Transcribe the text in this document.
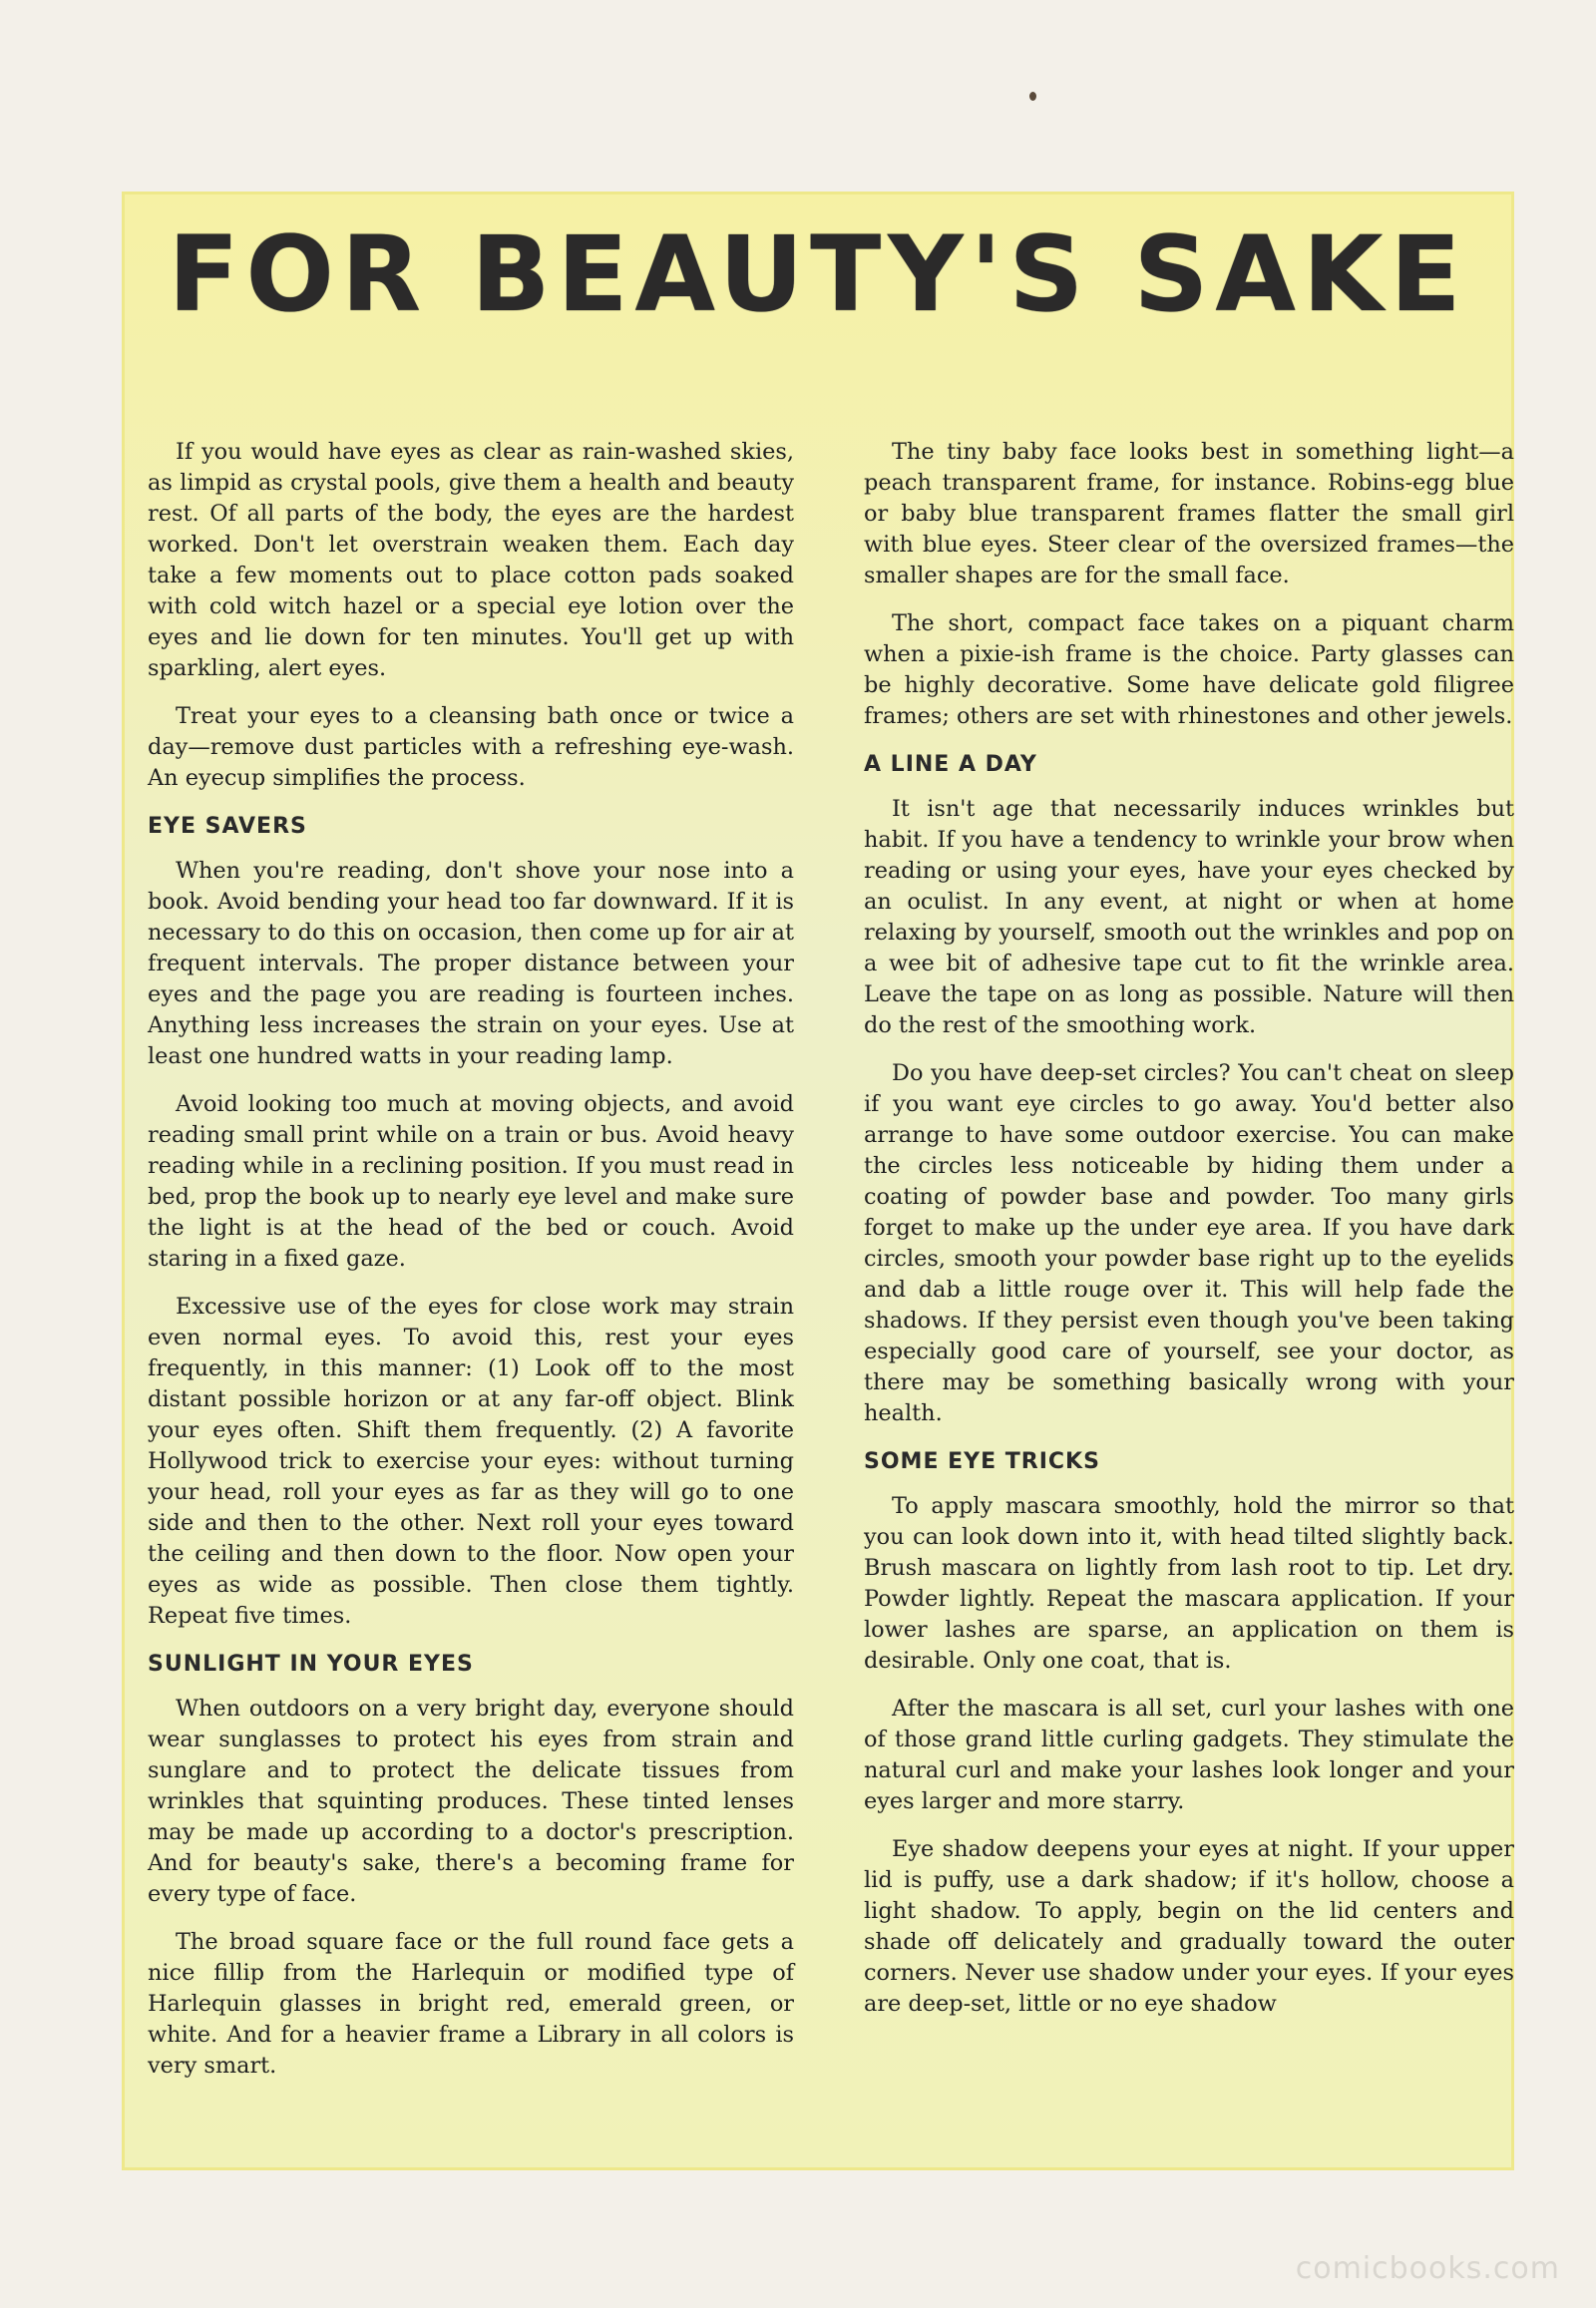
FOR BEAUTY'S SAKE

If you would have eyes as clear as rain-washed skies, as limpid as crystal pools, give them a health and beauty rest. Of all parts of the body, the eyes are the hardest worked. Don't let overstrain weaken them. Each day take a few moments out to place cotton pads soaked with cold witch hazel or a special eye lotion over the eyes and lie down for ten minutes. You'll get up with sparkling, alert eyes.

Treat your eyes to a cleansing bath once or twice a day—remove dust particles with a refreshing eye-wash. An eyecup simplifies the process.

EYE SAVERS

When you're reading, don't shove your nose into a book. Avoid bending your head too far downward. If it is necessary to do this on occasion, then come up for air at frequent intervals. The proper distance between your eyes and the page you are reading is fourteen inches. Anything less increases the strain on your eyes. Use at least one hundred watts in your reading lamp.

Avoid looking too much at moving objects, and avoid reading small print while on a train or bus. Avoid heavy reading while in a reclining position. If you must read in bed, prop the book up to nearly eye level and make sure the light is at the head of the bed or couch. Avoid staring in a fixed gaze.

Excessive use of the eyes for close work may strain even normal eyes. To avoid this, rest your eyes frequently, in this manner: (1) Look off to the most distant possible horizon or at any far-off object. Blink your eyes often. Shift them frequently. (2) A favorite Hollywood trick to exercise your eyes: without turning your head, roll your eyes as far as they will go to one side and then to the other. Next roll your eyes toward the ceiling and then down to the floor. Now open your eyes as wide as possible. Then close them tightly. Repeat five times.

SUNLIGHT IN YOUR EYES

When outdoors on a very bright day, everyone should wear sunglasses to protect his eyes from strain and sunglare and to protect the delicate tissues from wrinkles that squinting produces. These tinted lenses may be made up according to a doctor's prescription. And for beauty's sake, there's a becoming frame for every type of face.

The broad square face or the full round face gets a nice fillip from the Harlequin or modified type of Harlequin glasses in bright red, emerald green, or white. And for a heavier frame a Library in all colors is very smart.

The tiny baby face looks best in something light—a peach transparent frame, for instance. Robins-egg blue or baby blue transparent frames flatter the small girl with blue eyes. Steer clear of the oversized frames—the smaller shapes are for the small face.

The short, compact face takes on a piquant charm when a pixie-ish frame is the choice. Party glasses can be highly decorative. Some have delicate gold filigree frames; others are set with rhinestones and other jewels.

A LINE A DAY

It isn't age that necessarily induces wrinkles but habit. If you have a tendency to wrinkle your brow when reading or using your eyes, have your eyes checked by an oculist. In any event, at night or when at home relaxing by yourself, smooth out the wrinkles and pop on a wee bit of adhesive tape cut to fit the wrinkle area. Leave the tape on as long as possible. Nature will then do the rest of the smoothing work.

Do you have deep-set circles? You can't cheat on sleep if you want eye circles to go away. You'd better also arrange to have some outdoor exercise. You can make the circles less noticeable by hiding them under a coating of powder base and powder. Too many girls forget to make up the under eye area. If you have dark circles, smooth your powder base right up to the eyelids and dab a little rouge over it. This will help fade the shadows. If they persist even though you've been taking especially good care of yourself, see your doctor, as there may be something basically wrong with your health.

SOME EYE TRICKS

To apply mascara smoothly, hold the mirror so that you can look down into it, with head tilted slightly back. Brush mascara on lightly from lash root to tip. Let dry. Powder lightly. Repeat the mascara application. If your lower lashes are sparse, an application on them is desirable. Only one coat, that is.

After the mascara is all set, curl your lashes with one of those grand little curling gadgets. They stimulate the natural curl and make your lashes look longer and your eyes larger and more starry.

Eye shadow deepens your eyes at night. If your upper lid is puffy, use a dark shadow; if it's hollow, choose a light shadow. To apply, begin on the lid centers and shade off delicately and gradually toward the outer corners. Never use shadow under your eyes. If your eyes are deep-set, little or no eye shadow

comicbooks.com
